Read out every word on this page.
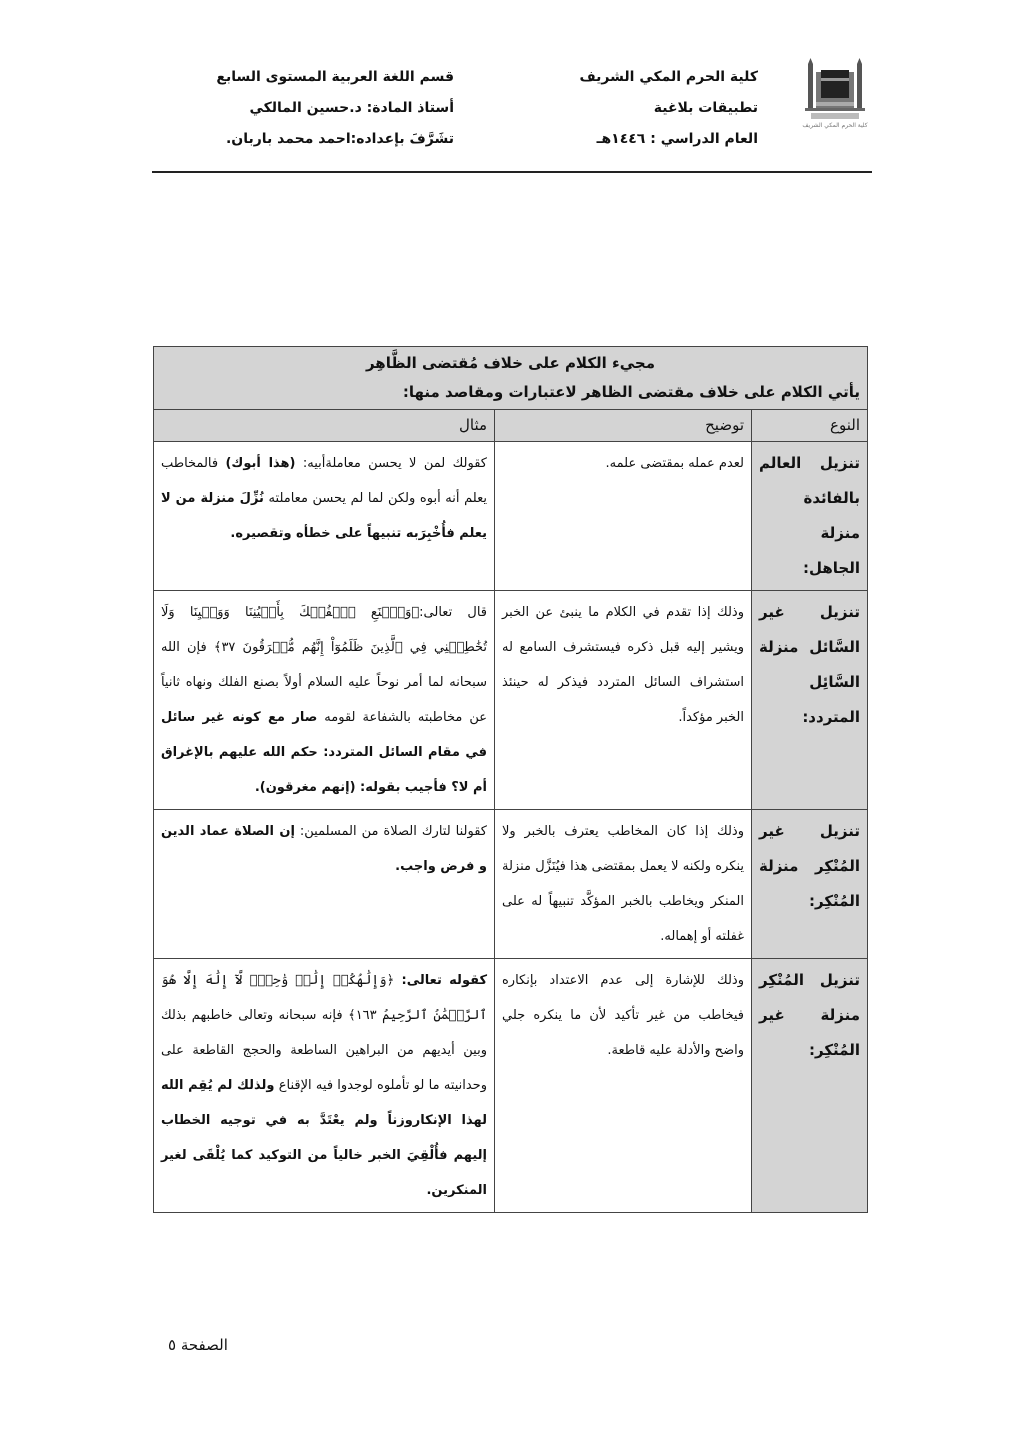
كلية الحرم المكي الشريف
كلية الحرم المكي الشريف
تطبيقات بلاغية
العام الدراسي : ١٤٤٦هـ
قسم اللغة العربية المستوى السابع
أستاذ المادة: د.حسين المالكي
تشَرَّفَ بإعداده:احمد محمد باربان.
مجيء الكلام على خلاف مُقتضى الظَّاهِر		
يأتي الكلام على خلاف مقتضى الظاهر لاعتبارات ومقاصد منها:		
النوع	توضيح	مثال
تنزيل العالم بالفائدة منزلة الجاهل:	لعدم عمله بمقتضى علمه.	كقولك لمن لا يحسن معاملةأبيه: (هذا أبوك) فالمخاطب يعلم أنه أبوه ولكن لما لم يحسن معاملته نُزِّلَ منزلة من لا يعلم فأُخْبِرَبه تنبيهاً على خطأه وتقصيره.
تنزيل غير السَّائل منزلة السَّائِل المتردد:	وذلك إذا تقدم في الكلام ما ينبئ عن الخبر ويشير إليه قبل ذكره فيستشرف السامع له استشراف السائل المتردد فيذكر له حينئذ الخبر مؤكداً.	قال تعالى:﴿وَٱصۡنَعِ ٱلۡفُلۡكَ بِأَعۡيُنِنَا وَوَحۡيِنَا وَلَا تُخَٰطِبۡنِي فِي ٱلَّذِينَ ظَلَمُوٓاْ إِنَّهُم مُّغۡرَقُونَ ٣٧﴾ فإن الله سبحانه لما أمر نوحاً عليه السلام أولاً بصنع الفلك ونهاه ثانياً عن مخاطبته بالشفاعة لقومه صار مع كونه غير سائل في مقام السائل المتردد: حكم الله عليهم بالإغراق أم لا؟ فأجيب بقوله: (إنهم مغرقون).
تنزيل غير المُنْكِر منزلة المُنْكِر:	وذلك إذا كان المخاطب يعترف بالخبر ولا ينكره ولكنه لا يعمل بمقتضى هذا فيُنَزَّل منزلة المنكر ويخاطب بالخبر المؤكَّد تنبيهاً له على غفلته أو إهماله.	كقولنا لتارك الصلاة من المسلمين: إن الصلاة عماد الدين و فرض واجب.
تنزيل المُنْكِر منزلة غير المُنْكِر:	وذلك للإشارة إلى عدم الاعتداد بإنكاره فيخاطب من غير تأكيد لأن ما ينكره جلي واضح والأدلة عليه قاطعة.	كقوله تعالى: ﴿وَإِلَٰهُكُمۡ إِلَٰهٞ وَٰحِدٞۖ لَّآ إِلَٰهَ إِلَّا هُوَ ٱلرَّحۡمَٰنُ ٱلرَّحِيمُ ١٦٣﴾ فإنه سبحانه وتعالى خاطبهم بذلك وبين أيديهم من البراهين الساطعة والحجج القاطعة على وحدانيته ما لو تأملوه لوجدوا فيه الإقناع ولذلك لم يُقِم الله لهذا الإنكاروزناً ولم يعْتَدَّ به في توجيه الخطاب إليهم فأُلْقِيَ الخبر خالياً من التوكيد كما يُلْقَى لغير المنكرين.
الصفحة ٥
